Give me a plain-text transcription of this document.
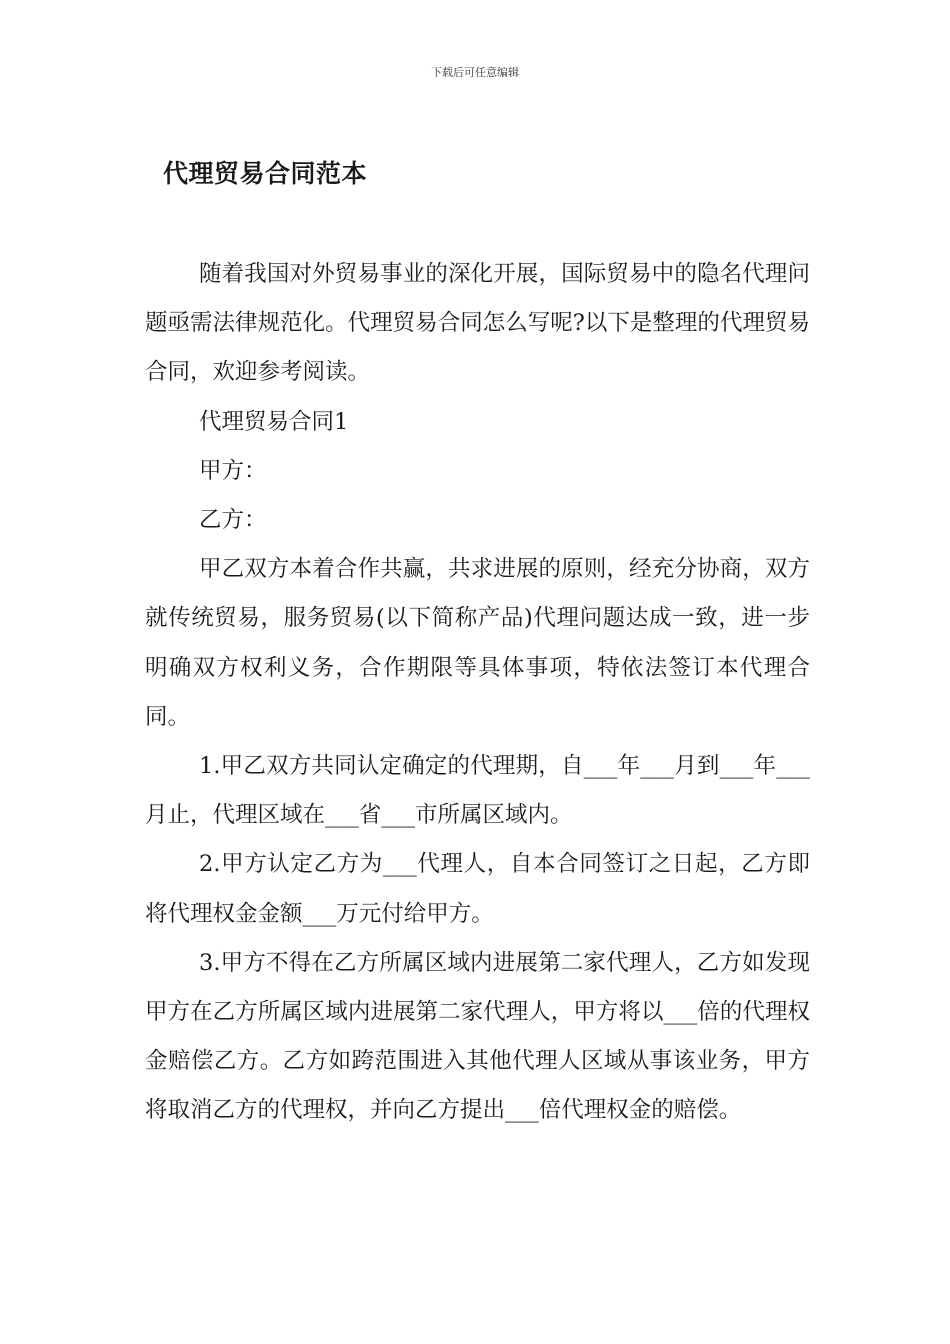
下载后可任意编辑
代理贸易合同范本

随着我国对外贸易事业的深化开展，国际贸易中的隐名代理问题亟需法律规范化。代理贸易合同怎么写呢?以下是整理的代理贸易合同，欢迎参考阅读。

代理贸易合同1

甲方：

乙方：

甲乙双方本着合作共赢，共求进展的原则，经充分协商，双方就传统贸易，服务贸易(以下简称产品)代理问题达成一致，进一步明确双方权利义务，合作期限等具体事项，特依法签订本代理合同。

1.甲乙双方共同认定确定的代理期，自___年___月到___年___月止，代理区域在___省___市所属区域内。

2.甲方认定乙方为___代理人，自本合同签订之日起，乙方即将代理权金金额___万元付给甲方。

3.甲方不得在乙方所属区域内进展第二家代理人，乙方如发现甲方在乙方所属区域内进展第二家代理人，甲方将以___倍的代理权金赔偿乙方。乙方如跨范围进入其他代理人区域从事该业务，甲方将取消乙方的代理权，并向乙方提出___倍代理权金的赔偿。
